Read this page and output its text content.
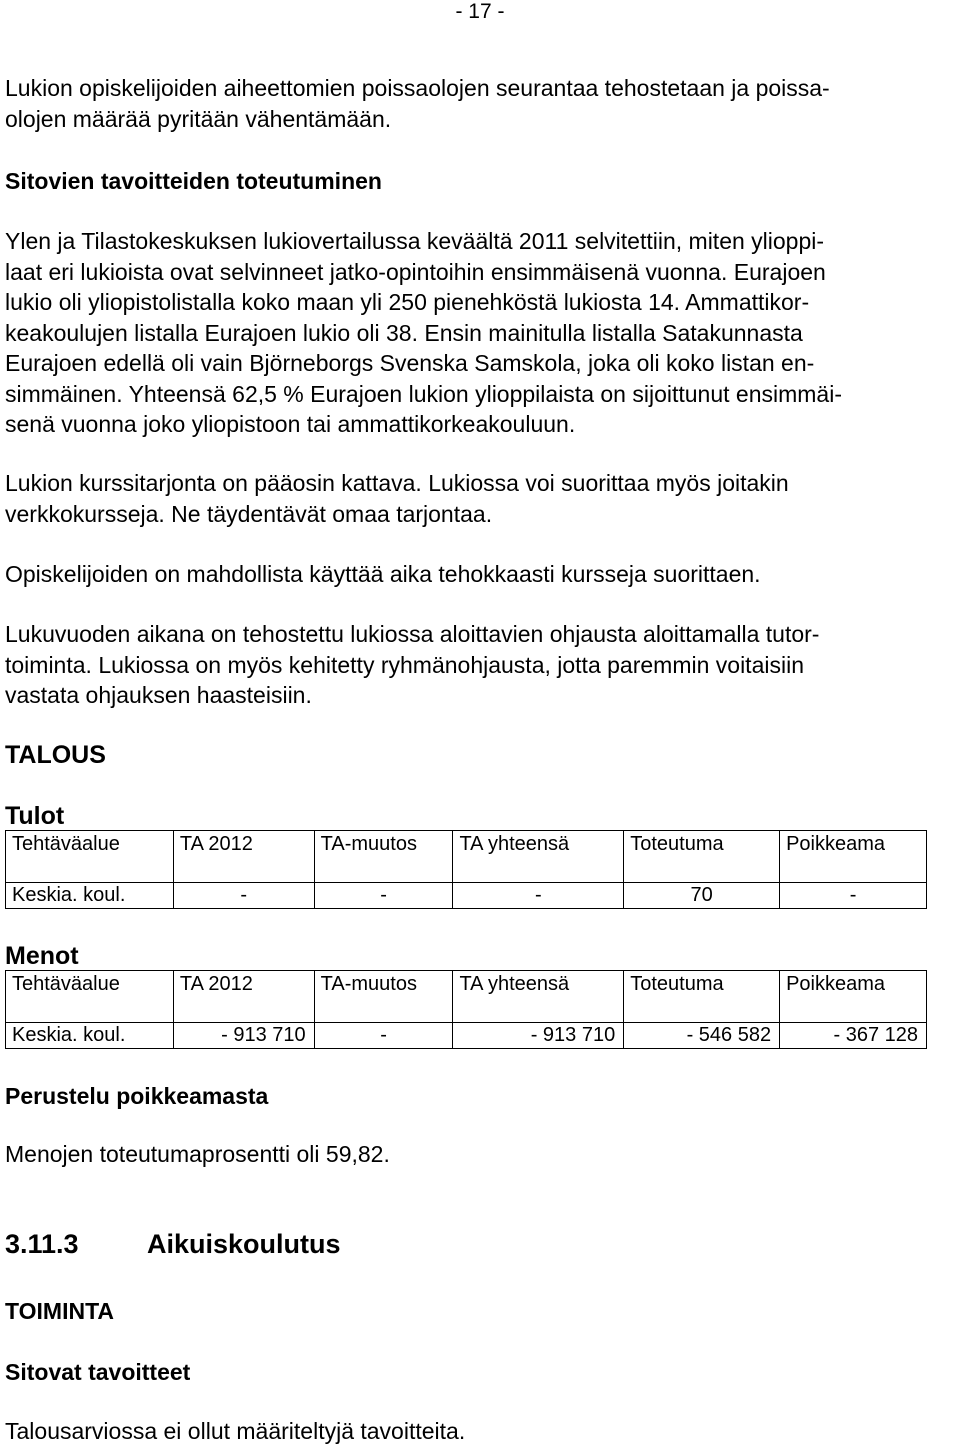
- 17 -

Lukion opiskelijoiden aiheettomien poissaolojen seurantaa tehostetaan ja poissa-
olojen määrää pyritään vähentämään.

Sitovien tavoitteiden toteutuminen

Ylen ja Tilastokeskuksen lukiovertailussa keväältä 2011 selvitettiin, miten ylioppi-
laat eri lukioista ovat selvinneet jatko-opintoihin ensimmäisenä vuonna. Eurajoen
lukio oli yliopistolistalla koko maan yli 250 pienehköstä lukiosta 14. Ammattikor-
keakoulujen listalla Eurajoen lukio oli 38. Ensin mainitulla listalla Satakunnasta
Eurajoen edellä oli vain Björneborgs Svenska Samskola, joka oli koko listan en-
simmäinen. Yhteensä 62,5 % Eurajoen lukion ylioppilaista on sijoittunut ensimmäi-
senä vuonna joko yliopistoon tai ammattikorkeakouluun.

Lukion kurssitarjonta on pääosin kattava. Lukiossa voi suorittaa myös joitakin
verkkokursseja. Ne täydentävät omaa tarjontaa.

Opiskelijoiden on mahdollista käyttää aika tehokkaasti kursseja suorittaen.

Lukuvuoden aikana on tehostettu lukiossa aloittavien ohjausta aloittamalla tutor-
toiminta. Lukiossa on myös kehitetty ryhmänohjausta, jotta paremmin voitaisiin
vastata ohjauksen haasteisiin.

TALOUS
Tulot
Tehtäväalue	TA 2012	TA-muutos	TA yhteensä	Toteutuma	Poikkeama
Keskia. koul.	-	-	-	70	-
Menot
Tehtäväalue	TA 2012	TA-muutos	TA yhteensä	Toteutuma	Poikkeama
Keskia. koul.	- 913 710	-	- 913 710	- 546 582	- 367 128
Perustelu poikkeamasta

Menojen toteutumaprosentti oli 59,82.

3.11.3	Aikuiskoulutus
TOIMINTA
Sitovat tavoitteet

Talousarviossa ei ollut määriteltyjä tavoitteita.
